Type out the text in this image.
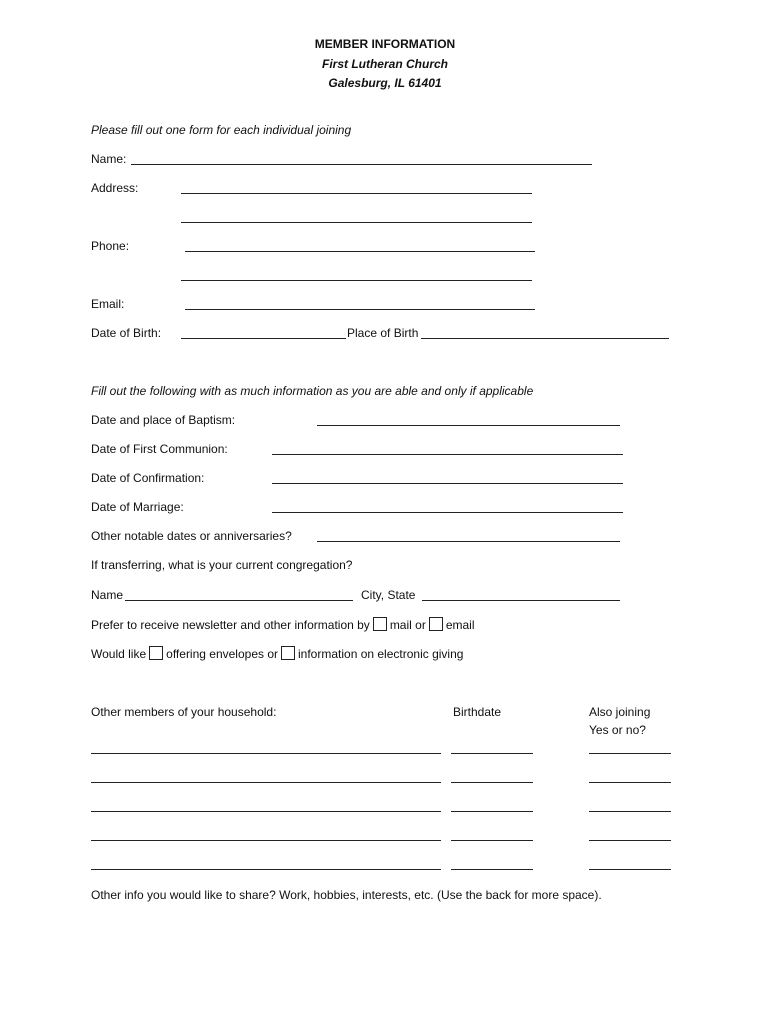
MEMBER INFORMATION
First Lutheran Church
Galesburg, IL 61401
Please fill out one form for each individual joining
Name:
Address:
Phone:
Email:
Date of Birth:	Place of Birth
Fill out the following with as much information as you are able and only if applicable
Date and place of Baptism:
Date of First Communion:
Date of Confirmation:
Date of Marriage:
Other notable dates or anniversaries?
If transferring, what is your current congregation?
Name	City, State
Prefer to receive newsletter and other information by mail or email
Would like offering envelopes or information on electronic giving
Other members of your household:	Birthdate	Also joining
Yes or no?
Other info you would like to share? Work, hobbies, interests, etc. (Use the back for more space).
